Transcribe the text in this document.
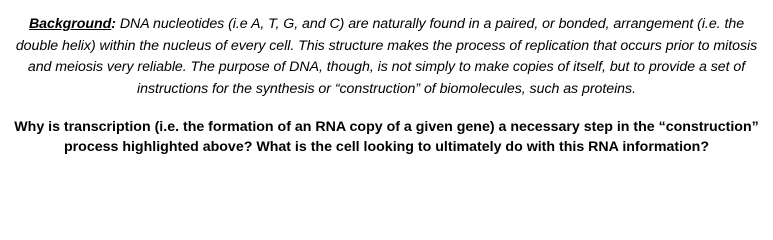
Background: DNA nucleotides (i.e A, T, G, and C) are naturally found in a paired, or bonded, arrangement (i.e. the double helix) within the nucleus of every cell. This structure makes the process of replication that occurs prior to mitosis and meiosis very reliable. The purpose of DNA, though, is not simply to make copies of itself, but to provide a set of instructions for the synthesis or “construction” of biomolecules, such as proteins.

Why is transcription (i.e. the formation of an RNA copy of a given gene) a necessary step in the “construction” process highlighted above? What is the cell looking to ultimately do with this RNA information?
